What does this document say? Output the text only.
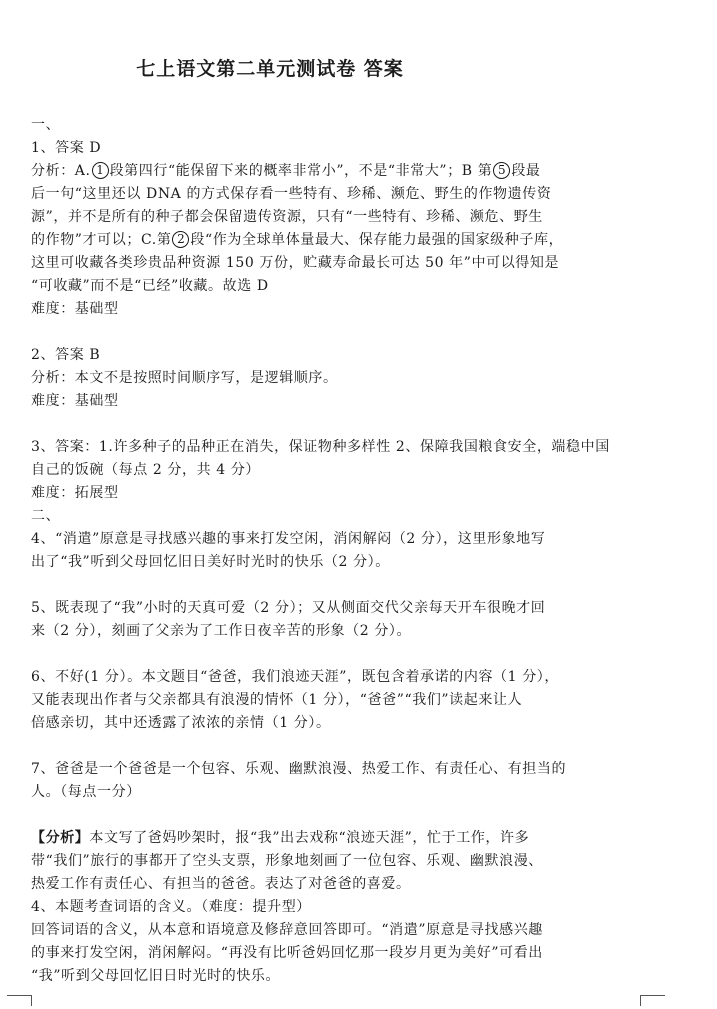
七上语文第二单元测试卷 答案
一、
1、答案 D
分析：A. 1 段第四行“能保留下来的概率非常小”，不是“非常大”；B 第 5 段最
后一句“这里还以 DNA 的方式保存看一些特有、珍稀、濒危、野生的作物遗传资
源”，并不是所有的种子都会保留遗传资源，只有“一些特有、珍稀、濒危、野生
的作物”才可以；C.第 2 段“作为全球单体量最大、保存能力最强的国家级种子库，
这里可收藏各类珍贵品种资源 150 万份，贮藏寿命最长可达 50 年”中可以得知是
“可收藏”而不是“已经”收藏。故选 D
难度：基础型
2、答案 B
分析：本文不是按照时间顺序写，是逻辑顺序。
难度：基础型
3、答案：1.许多种子的品种正在消失，保证物种多样性 2、保障我国粮食安全，端稳中国
自己的饭碗（每点 2 分，共 4 分）
难度：拓展型
二、
4、“消遣”原意是寻找感兴趣的事来打发空闲，消闲解闷（2 分），这里形象地写
出了“我”听到父母回忆旧日美好时光时的快乐（2 分）。
5、既表现了“我”小时的天真可爱（2 分）；又从侧面交代父亲每天开车很晚才回
来（2 分），刻画了父亲为了工作日夜辛苦的形象（2 分）。
6、不好(1 分）。本文题目“爸爸，我们浪迹天涯”，既包含着承诺的内容（1 分），
又能表现出作者与父亲都具有浪漫的情怀（1 分），“爸爸”“我们”读起来让人
倍感亲切，其中还透露了浓浓的亲情（1 分）。
7、爸爸是一个爸爸是一个包容、乐观、幽默浪漫、热爱工作、有责任心、有担当的
人。（每点一分）
【分析】本文写了爸妈吵架时，报“我”出去戏称“浪迹天涯”，忙于工作，许多
带“我们”旅行的事都开了空头支票，形象地刻画了一位包容、乐观、幽默浪漫、
热爱工作有责任心、有担当的爸爸。表达了对爸爸的喜爱。
4、本题考查词语的含义。（难度：提升型）
回答词语的含义，从本意和语境意及修辞意回答即可。“消遣”原意是寻找感兴趣
的事来打发空闲，消闲解闷。“再没有比听爸妈回忆那一段岁月更为美好”可看出
“我”听到父母回忆旧日时光时的快乐。
